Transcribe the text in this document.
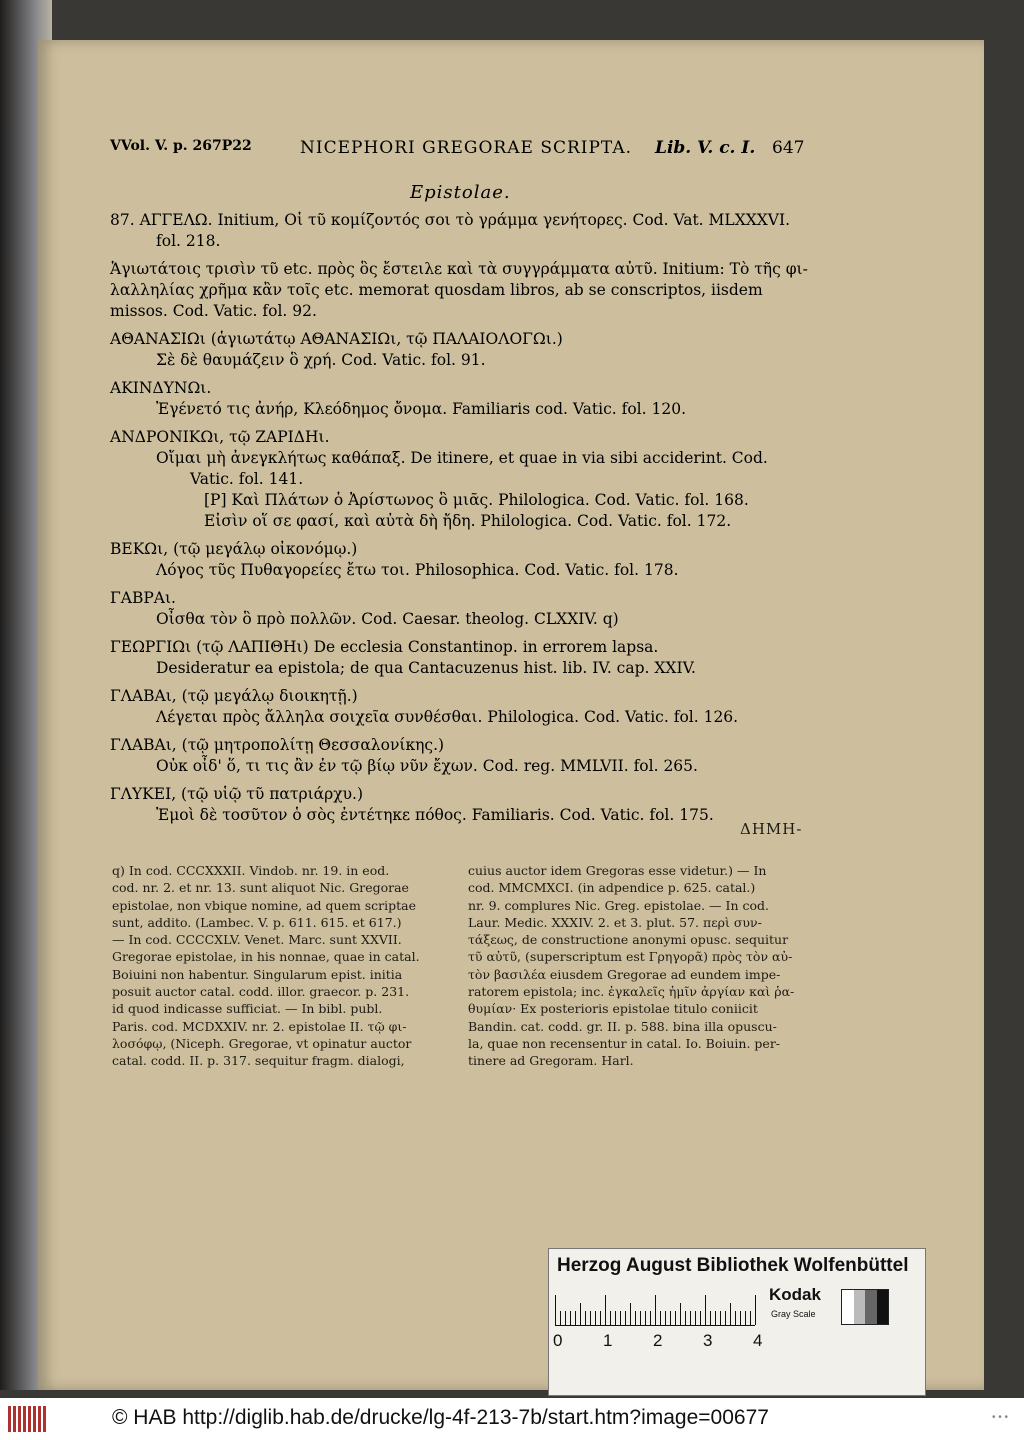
VVol. V. p. 267P22	NICEPHORI GREGORAE SCRIPTA. Lib. V. c. I. 647
Epistolae.
87. ΑΓΓΕΛΩ. Initium, Οἱ τῦ κομίζοντός σοι τὸ γράμμα γενήτορες. Cod. Vat. MLXXXVI.
fol. 218.
Ἁγιωτάτοις τρισὶν τῦ etc. πρὸς ὃς ἔστειλε καὶ τὰ συγγράμματα αὐτῦ. Initium: Τὸ τῆς φι-
λαλληλίας χρῆμα κἂν τοῖς etc. memorat quosdam libros, ab se conscriptos, iisdem
missos. Cod. Vatic. fol. 92.
ΑΘΑΝΑΣΙΩι (ἁγιωτάτῳ ΑΘΑΝΑΣΙΩι, τῷ ΠΑΛΑΙΟΛΟΓΩι.)
Σὲ δὲ θαυμάζειν ὃ χρή. Cod. Vatic. fol. 91.
ΑΚΙΝΔΥΝΩι.
Ἐγένετό τις ἀνήρ, Κλεόδημος ὄνομα. Familiaris cod. Vatic. fol. 120.
ΑΝΔΡΟΝΙΚΩι, τῷ ΖΑΡΙΔΗι.
Οἴμαι μὴ ἀνεγκλήτως καθάπαξ. De itinere, et quae in via sibi acciderint. Cod.
Vatic. fol. 141.
[P] Καὶ Πλάτων ὁ Ἀρίστωνος ὃ μιᾶς. Philologica. Cod. Vatic. fol. 168.
Εἰσὶν οἵ σε φασί, καὶ αὐτὰ δὴ ἤδη. Philologica. Cod. Vatic. fol. 172.
ΒΕΚΩι, (τῷ μεγάλῳ οἰκονόμῳ.)
Λόγος τῦς Πυθαγορείες ἔτω τοι. Philosophica. Cod. Vatic. fol. 178.
ΓΑΒΡΑι.
Οἶσθα τὸν ὃ πρὸ πολλῶν. Cod. Caesar. theolog. CLXXIV. q)
ΓΕΩΡΓΙΩι (τῷ ΛΑΠΙΘΗι) De ecclesia Constantinop. in errorem lapsa.
Desideratur ea epistola; de qua Cantacuzenus hist. lib. IV. cap. XXIV.
ΓΛΑΒΑι, (τῷ μεγάλῳ διοικητῇ.)
Λέγεται πρὸς ἄλληλα σοιχεῖα συνθέσθαι. Philologica. Cod. Vatic. fol. 126.
ΓΛΑΒΑι, (τῷ μητροπολίτῃ Θεσσαλονίκης.)
Οὐκ οἶδ' ὅ, τι τις ἂν ἐν τῷ βίῳ νῦν ἔχων. Cod. reg. MMLVII. fol. 265.
ΓΛΥΚΕΙ, (τῷ υἱῷ τῦ πατριάρχυ.)
Ἐμοὶ δὲ τοσῦτον ὁ σὸς ἐντέτηκε πόθος. Familiaris. Cod. Vatic. fol. 175.
ΔΗΜΗ-
q) In cod. CCCXXXII. Vindob. nr. 19. in eod.
cod. nr. 2. et nr. 13. sunt aliquot Nic. Gregorae
epistolae, non vbique nomine, ad quem scriptae
sunt, addito. (Lambec. V. p. 611. 615. et 617.)
— In cod. CCCCXLV. Venet. Marc. sunt XXVII.
Gregorae epistolae, in his nonnae, quae in catal.
Boiuini non habentur. Singularum epist. initia
posuit auctor catal. codd. illor. graecor. p. 231.
id quod indicasse sufficiat. — In bibl. publ.
Paris. cod. MCDXXIV. nr. 2. epistolae II. τῷ φι-
λοσόφῳ, (Niceph. Gregorae, vt opinatur auctor
catal. codd. II. p. 317. sequitur fragm. dialogi,
cuius auctor idem Gregoras esse videtur.) — In
cod. MMCMXCI. (in adpendice p. 625. catal.)
nr. 9. complures Nic. Greg. epistolae. — In cod.
Laur. Medic. XXXIV. 2. et 3. plut. 57. περὶ συν-
τάξεως, de constructione anonymi opusc. sequitur
τῦ αὐτῦ, (superscriptum est Γρηγορᾶ) πρὸς τὸν αὐ-
τὸν βασιλέα eiusdem Gregorae ad eundem impe-
ratorem epistola; inc. ἐγκαλεῖς ἡμῖν ἀργίαν καὶ ῥα-
θυμίαν· Ex posterioris epistolae titulo coniicit
Bandin. cat. codd. gr. II. p. 588. bina illa opuscu-
la, quae non recensentur in catal. Io. Boiuin. per-
tinere ad Gregoram. Harl.
Herzog August Bibliothek Wolfenbüttel
Kodak
Gray Scale
0 1 2 3 4
© HAB http://diglib.hab.de/drucke/lg-4f-213-7b/start.htm?image=00677	• • •
